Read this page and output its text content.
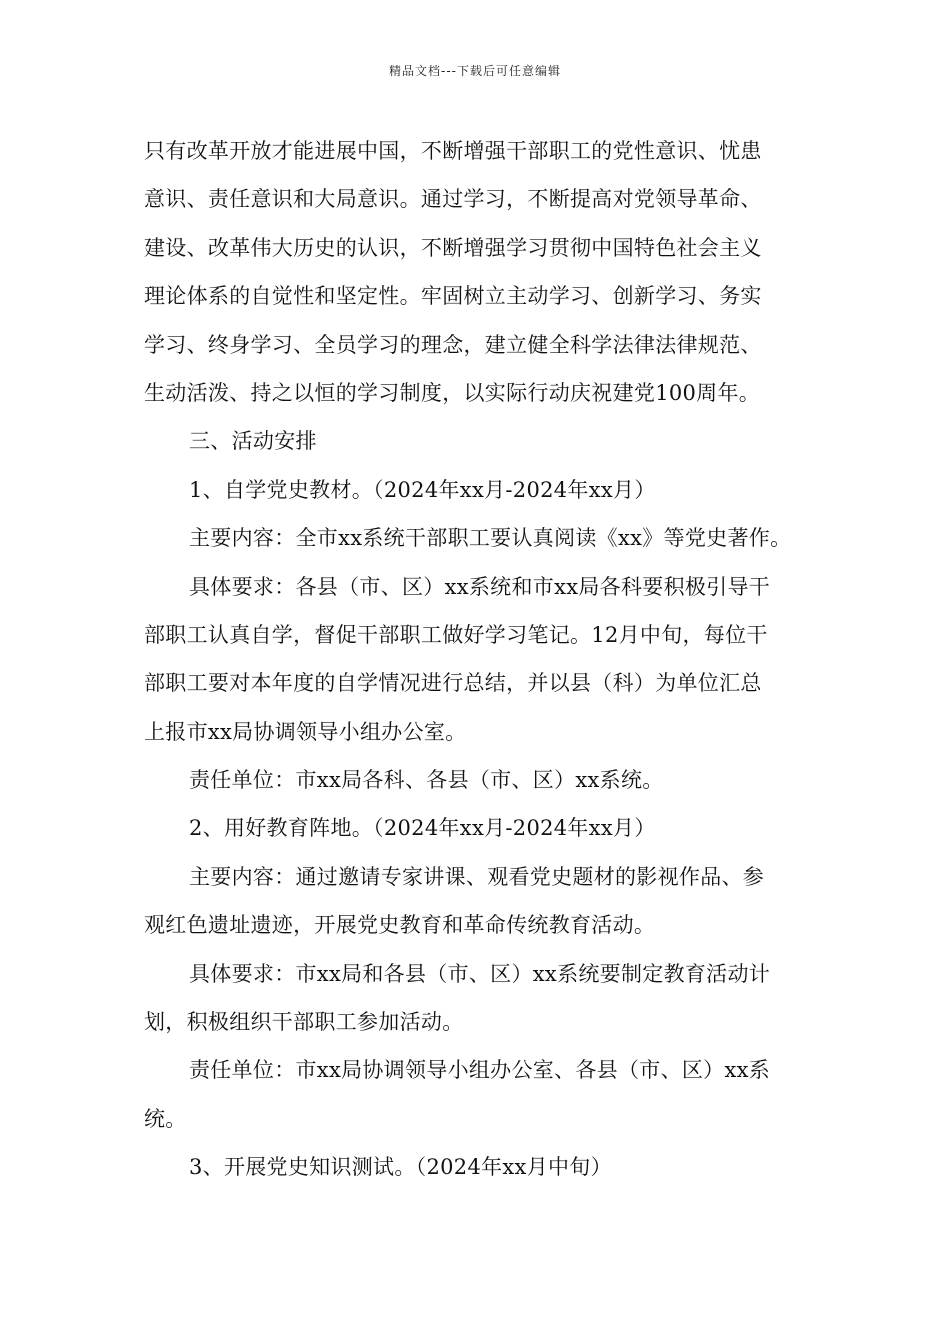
精品文档---下载后可任意编辑
只有改革开放才能进展中国，不断增强干部职工的党性意识、忧患
意识、责任意识和大局意识。通过学习，不断提高对党领导革命、
建设、改革伟大历史的认识，不断增强学习贯彻中国特色社会主义
理论体系的自觉性和坚定性。牢固树立主动学习、创新学习、务实
学习、终身学习、全员学习的理念，建立健全科学法律法律规范、
生动活泼、持之以恒的学习制度，以实际行动庆祝建党100周年。
三、活动安排
1、自学党史教材。（2024年xx月-2024年xx月）
主要内容：全市xx系统干部职工要认真阅读《xx》等党史著作。
具体要求：各县（市、区）xx系统和市xx局各科要积极引导干
部职工认真自学，督促干部职工做好学习笔记。12月中旬，每位干
部职工要对本年度的自学情况进行总结，并以县（科）为单位汇总
上报市xx局协调领导小组办公室。
责任单位：市xx局各科、各县（市、区）xx系统。
2、用好教育阵地。（2024年xx月-2024年xx月）
主要内容：通过邀请专家讲课、观看党史题材的影视作品、参
观红色遗址遗迹，开展党史教育和革命传统教育活动。
具体要求：市xx局和各县（市、区）xx系统要制定教育活动计
划，积极组织干部职工参加活动。
责任单位：市xx局协调领导小组办公室、各县（市、区）xx系
统。
3、开展党史知识测试。（2024年xx月中旬）
